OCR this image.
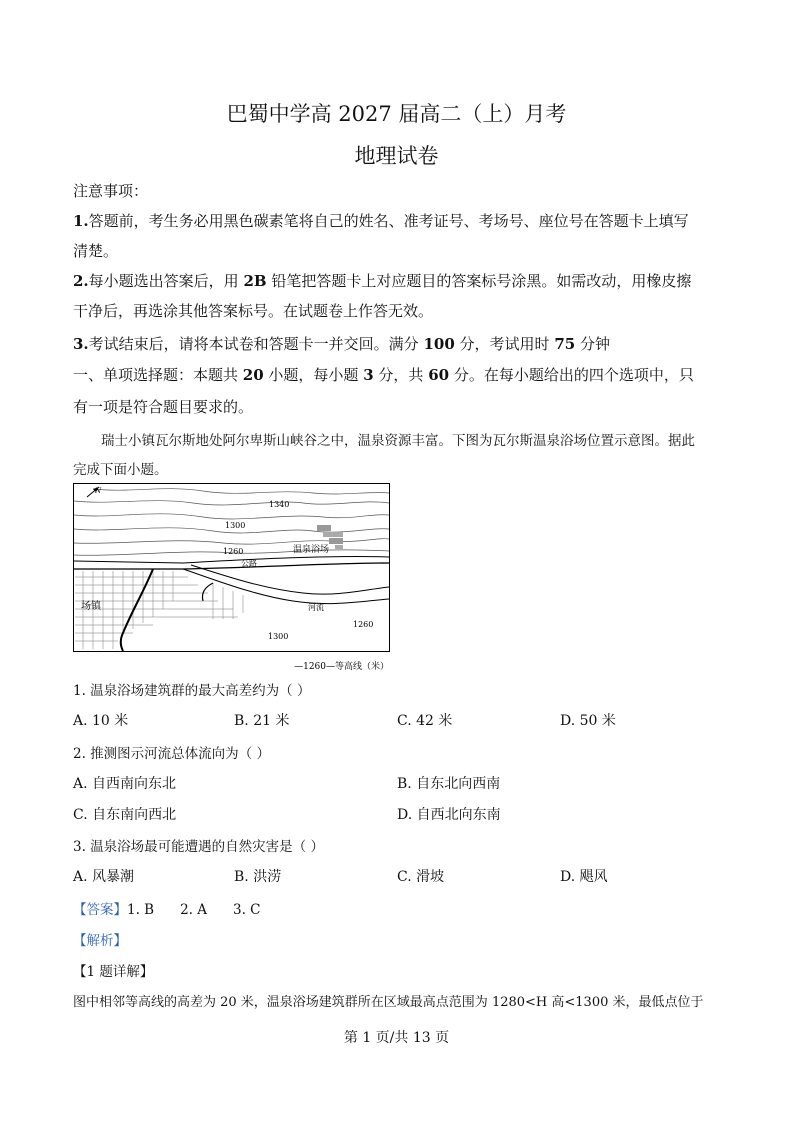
巴蜀中学高 2027 届高二（上）月考
地理试卷
注意事项：
1.答题前，考生务必用黑色碳素笔将自己的姓名、准考证号、考场号、座位号在答题卡上填写
清楚。
2.每小题选出答案后，用 2B 铅笔把答题卡上对应题目的答案标号涂黑。如需改动，用橡皮擦
干净后，再选涂其他答案标号。在试题卷上作答无效。
3.考试结束后，请将本试卷和答题卡一并交回。满分 100 分，考试用时 75 分钟
一、单项选择题：本题共 20 小题，每小题 3 分，共 60 分。在每小题给出的四个选项中，只
有一项是符合题目要求的。
瑞士小镇瓦尔斯地处阿尔卑斯山峡谷之中，温泉资源丰富。下图为瓦尔斯温泉浴场位置示意图。据此
完成下面小题。
1340
1300
1260
1260
1300
温泉浴场
公路
河流
场镇
N
—1260—等高线（米）
1. 温泉浴场建筑群的最大高差约为（ ）
A. 10 米	B. 21 米	C. 42 米	D. 50 米
2. 推测图示河流总体流向为（ ）
A. 自西南向东北	B. 自东北向西南
C. 自东南向西北	D. 自西北向东南
3. 温泉浴场最可能遭遇的自然灾害是（ ）
A. 风暴潮	B. 洪涝	C. 滑坡	D. 飓风
【答案】1. B 2. A 3. C
【解析】
【1 题详解】
图中相邻等高线的高差为 20 米，温泉浴场建筑群所在区域最高点范围为 1280<H 高<1300 米，最低点位于
第 1 页/共 13 页
